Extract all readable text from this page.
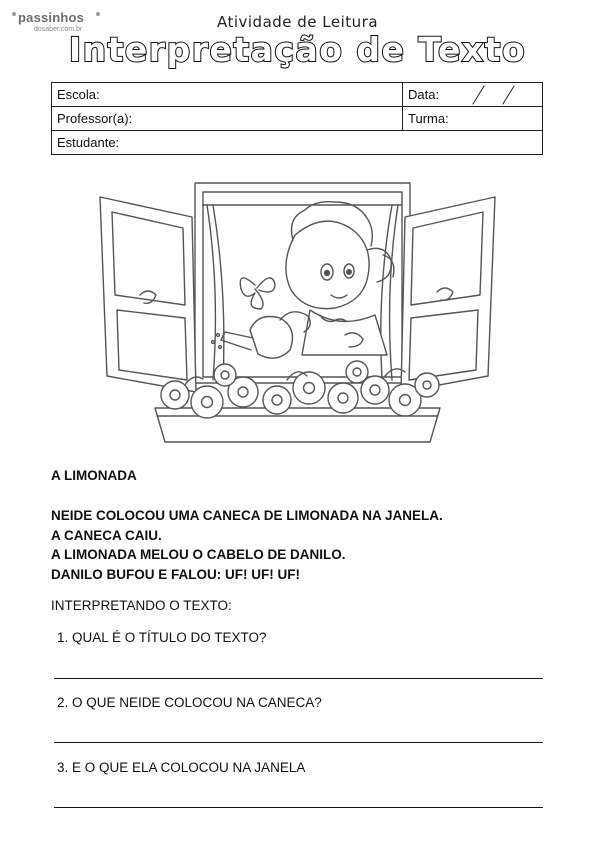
passinhos
dosaber.com.br	Atividade de Leitura
Interpretação de Texto
Escola:	Data:

Professor(a):	Turma:
Estudante:	
A LIMONADA
NEIDE COLOCOU UMA CANECA DE LIMONADA NA JANELA.
A CANECA CAIU.
A LIMONADA MELOU O CABELO DE DANILO.
DANILO BUFOU E FALOU: UF! UF! UF!
INTERPRETANDO O TEXTO:
1. QUAL É O TÍTULO DO TEXTO?
2. O QUE NEIDE COLOCOU NA CANECA?
3. E O QUE ELA COLOCOU NA JANELA
